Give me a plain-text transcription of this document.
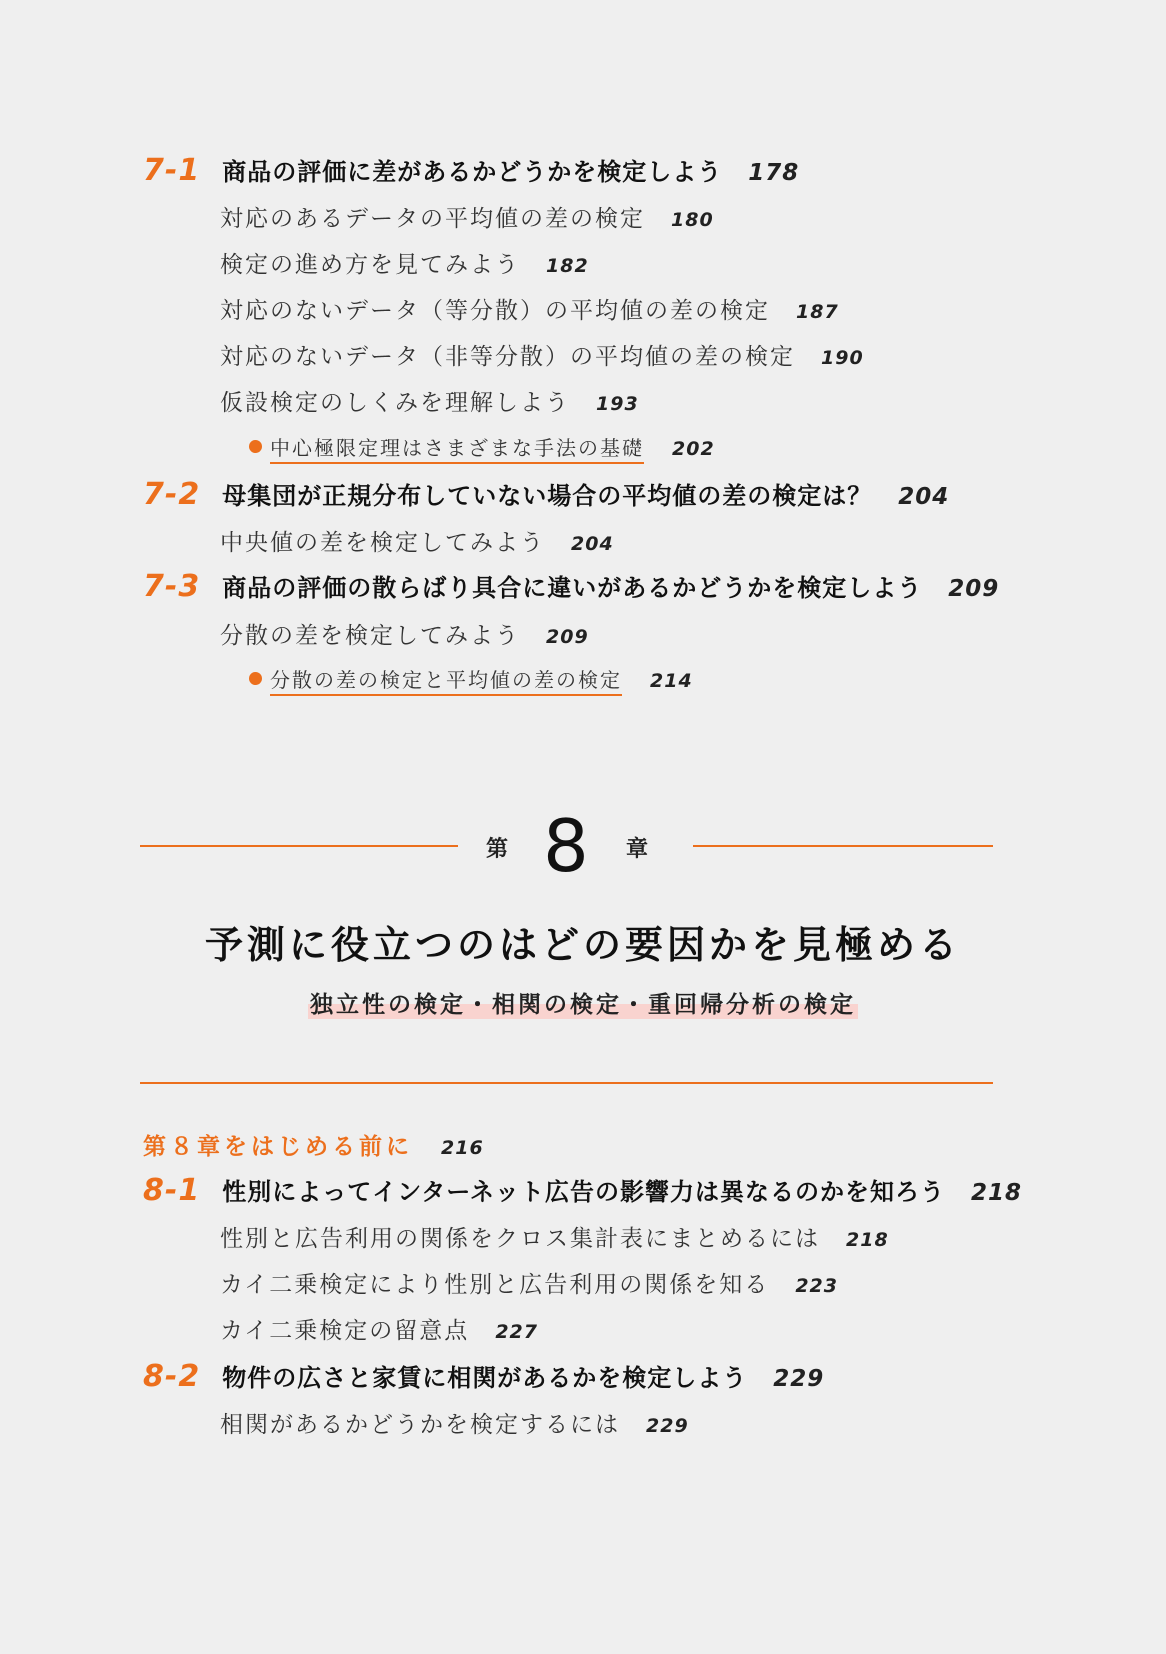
7-1 商品の評価に差があるかどうかを検定しよう 178
対応のあるデータの平均値の差の検定 180
検定の進め方を見てみよう 182
対応のないデータ（等分散）の平均値の差の検定 187
対応のないデータ（非等分散）の平均値の差の検定 190
仮設検定のしくみを理解しよう 193
中心極限定理はさまざまな手法の基礎 202
7-2 母集団が正規分布していない場合の平均値の差の検定は？ 204
中央値の差を検定してみよう 204
7-3 商品の評価の散らばり具合に違いがあるかどうかを検定しよう 209
分散の差を検定してみよう 209
分散の差の検定と平均値の差の検定 214
第 8 章
予測に役立つのはどの要因かを見極める
独立性の検定・相関の検定・重回帰分析の検定
第８章をはじめる前に 216
8-1 性別によってインターネット広告の影響力は異なるのかを知ろう 218
性別と広告利用の関係をクロス集計表にまとめるには 218
カイ二乗検定により性別と広告利用の関係を知る 223
カイ二乗検定の留意点 227
8-2 物件の広さと家賃に相関があるかを検定しよう 229
相関があるかどうかを検定するには 229
